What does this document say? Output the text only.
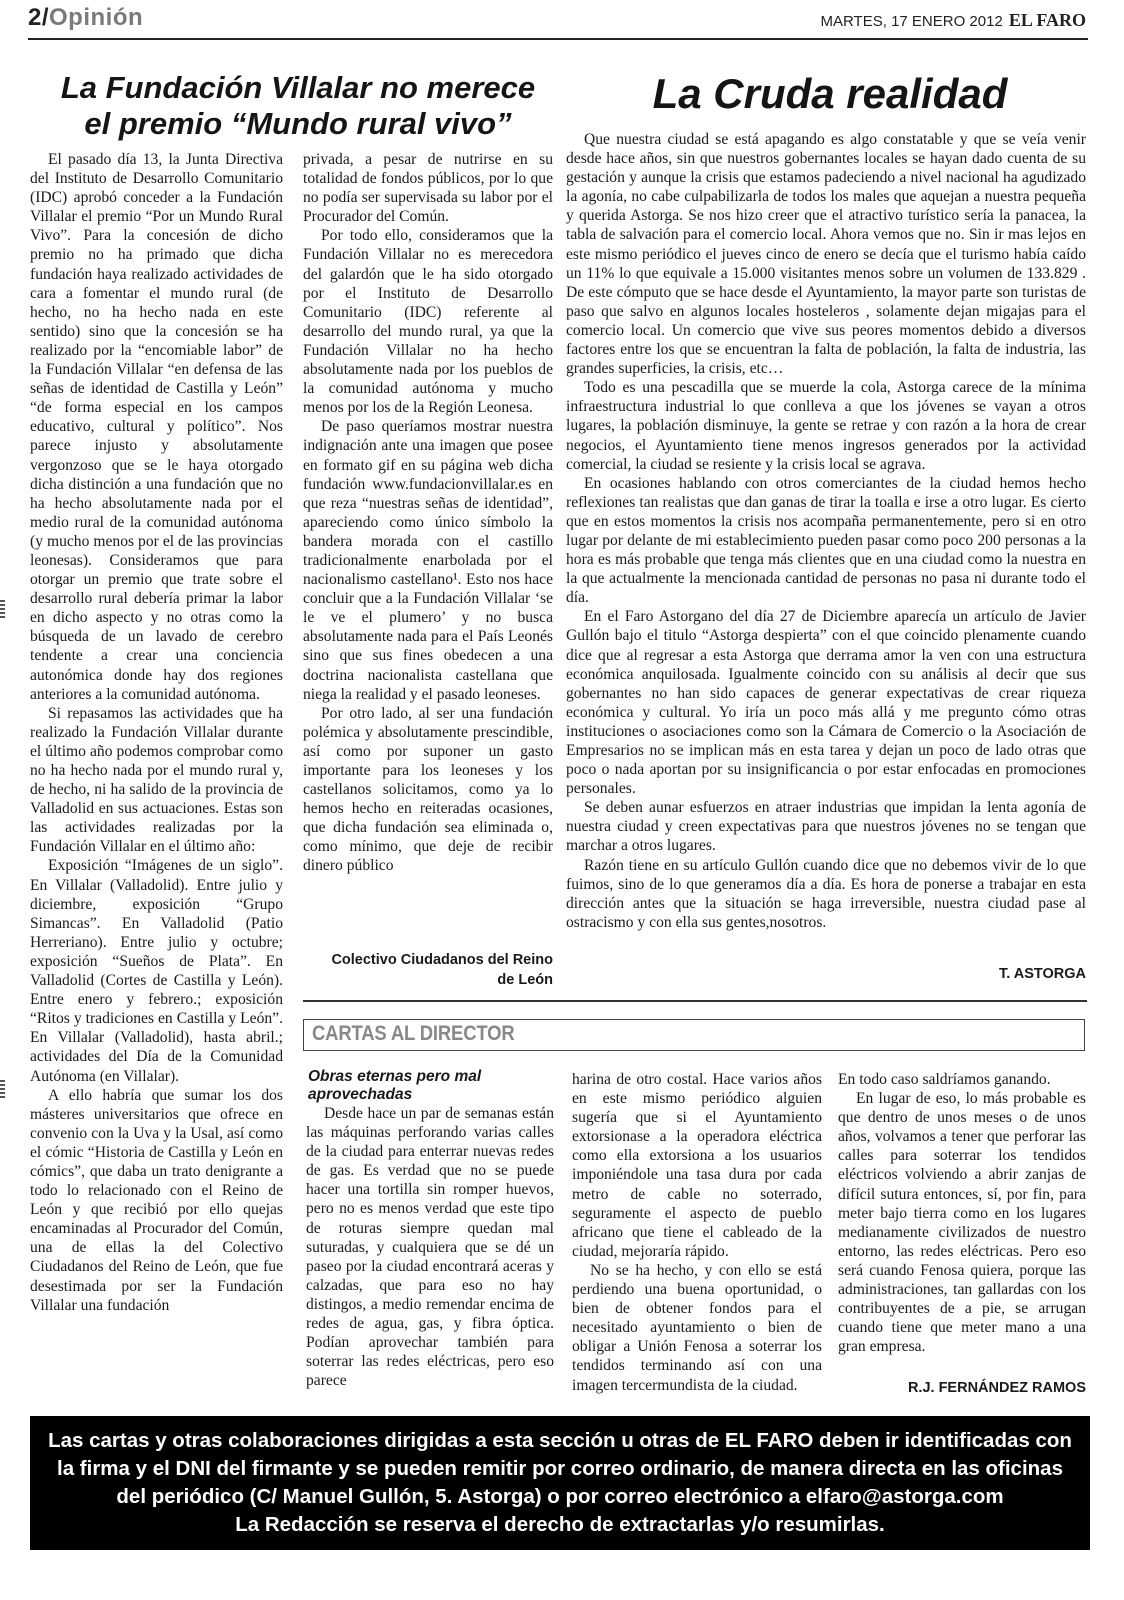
2/Opinión	MARTES, 17 ENERO 2012 EL FARO
La Fundación Villalar no merece
el premio “Mundo rural vivo”

El pasado día 13, la Junta Directiva del Instituto de Desarrollo Comunitario (IDC) aprobó conceder a la Fundación Villalar el premio “Por un Mundo Rural Vivo”. Para la concesión de dicho premio no ha primado que dicha fundación haya realizado actividades de cara a fomentar el mundo rural (de hecho, no ha hecho nada en este sentido) sino que la concesión se ha realizado por la “encomiable labor” de la Fundación Villalar “en defensa de las señas de identidad de Castilla y León” “de forma especial en los campos educativo, cultural y político”. Nos parece injusto y absolutamente vergonzoso que se le haya otorgado dicha distinción a una fundación que no ha hecho absolutamente nada por el medio rural de la comunidad autónoma (y mucho menos por el de las provincias leonesas). Consideramos que para otorgar un premio que trate sobre el desarrollo rural debería primar la labor en dicho aspecto y no otras como la búsqueda de un lavado de cerebro tendente a crear una conciencia autonómica donde hay dos regiones anteriores a la comunidad autónoma.

Si repasamos las actividades que ha realizado la Fundación Villalar durante el último año podemos comprobar como no ha hecho nada por el mundo rural y, de hecho, ni ha salido de la provincia de Valladolid en sus actuaciones. Estas son las actividades realizadas por la Fundación Villalar en el último año:

Exposición “Imágenes de un siglo”. En Villalar (Valladolid). Entre julio y diciembre, exposición “Grupo Simancas”. En Valladolid (Patio Herreriano). Entre julio y octubre; exposición “Sueños de Plata”. En Valladolid (Cortes de Castilla y León). Entre enero y febrero.; exposición “Ritos y tradiciones en Castilla y León”. En Villalar (Valladolid), hasta abril.; actividades del Día de la Comunidad Autónoma (en Villalar).

A ello habría que sumar los dos másteres universitarios que ofrece en convenio con la Uva y la Usal, así como el cómic “Historia de Castilla y León en cómics”, que daba un trato denigrante a todo lo relacionado con el Reino de León y que recibió por ello quejas encaminadas al Procurador del Común, una de ellas la del Colectivo Ciudadanos del Reino de León, que fue desestimada por ser la Fundación Villalar una fundación

privada, a pesar de nutrirse en su totalidad de fondos públicos, por lo que no podía ser supervisada su labor por el Procurador del Común.

Por todo ello, consideramos que la Fundación Villalar no es merecedora del galardón que le ha sido otorgado por el Instituto de Desarrollo Comunitario (IDC) referente al desarrollo del mundo rural, ya que la Fundación Villalar no ha hecho absolutamente nada por los pueblos de la comunidad autónoma y mucho menos por los de la Región Leonesa.

De paso queríamos mostrar nuestra indignación ante una imagen que posee en formato gif en su página web dicha fundación www.fundacionvillalar.es en que reza “nuestras señas de identidad”, apareciendo como único símbolo la bandera morada con el castillo tradicionalmente enarbolada por el nacionalismo castellano¹. Esto nos hace concluir que a la Fundación Villalar ‘se le ve el plumero’ y no busca absolutamente nada para el País Leonés sino que sus fines obedecen a una doctrina nacionalista castellana que niega la realidad y el pasado leoneses.

Por otro lado, al ser una fundación polémica y absolutamente prescindible, así como por suponer un gasto importante para los leoneses y los castellanos solicitamos, como ya lo hemos hecho en reiteradas ocasiones, que dicha fundación sea eliminada o, como mínimo, que deje de recibir dinero público

Colectivo Ciudadanos del Reino
de León
La Cruda realidad

Que nuestra ciudad se está apagando es algo constatable y que se veía venir desde hace años, sin que nuestros gobernantes locales se hayan dado cuenta de su gestación y aunque la crisis que estamos padeciendo a nivel nacional ha agudizado la agonía, no cabe culpabilizarla de todos los males que aquejan a nuestra pequeña y querida Astorga. Se nos hizo creer que el atractivo turístico sería la panacea, la tabla de salvación para el comercio local. Ahora vemos que no. Sin ir mas lejos en este mismo periódico el jueves cinco de enero se decía que el turismo había caído un 11% lo que equivale a 15.000 visitantes menos sobre un volumen de 133.829 . De este cómputo que se hace desde el Ayuntamiento, la mayor parte son turistas de paso que salvo en algunos locales hosteleros , solamente dejan migajas para el comercio local. Un comercio que vive sus peores momentos debido a diversos factores entre los que se encuentran la falta de población, la falta de industria, las grandes superficies, la crisis, etc…

Todo es una pescadilla que se muerde la cola, Astorga carece de la mínima infraestructura industrial lo que conlleva a que los jóvenes se vayan a otros lugares, la población disminuye, la gente se retrae y con razón a la hora de crear negocios, el Ayuntamiento tiene menos ingresos generados por la actividad comercial, la ciudad se resiente y la crisis local se agrava.

En ocasiones hablando con otros comerciantes de la ciudad hemos hecho reflexiones tan realistas que dan ganas de tirar la toalla e irse a otro lugar. Es cierto que en estos momentos la crisis nos acompaña permanentemente, pero si en otro lugar por delante de mi establecimiento pueden pasar como poco 200 personas a la hora es más probable que tenga más clientes que en una ciudad como la nuestra en la que actualmente la mencionada cantidad de personas no pasa ni durante todo el día.

En el Faro Astorgano del día 27 de Diciembre aparecía un artículo de Javier Gullón bajo el titulo “Astorga despierta” con el que coincido plenamente cuando dice que al regresar a esta Astorga que derrama amor la ven con una estructura económica anquilosada. Igualmente coincido con su análisis al decir que sus gobernantes no han sido capaces de generar expectativas de crear riqueza económica y cultural. Yo iría un poco más allá y me pregunto cómo otras instituciones o asociaciones como son la Cámara de Comercio o la Asociación de Empresarios no se implican más en esta tarea y dejan un poco de lado otras que poco o nada aportan por su insignificancia o por estar enfocadas en promociones personales.

Se deben aunar esfuerzos en atraer industrias que impidan la lenta agonía de nuestra ciudad y creen expectativas para que nuestros jóvenes no se tengan que marchar a otros lugares.

Razón tiene en su artículo Gullón cuando dice que no debemos vivir de lo que fuimos, sino de lo que generamos día a día. Es hora de ponerse a trabajar en esta dirección antes que la situación se haga irreversible, nuestra ciudad pase al ostracismo y con ella sus gentes,nosotros.

T. ASTORGA
CARTAS AL DIRECTOR
Obras eternas pero mal aprovechadas

Desde hace un par de semanas están las máquinas perforando varias calles de la ciudad para enterrar nuevas redes de gas. Es verdad que no se puede hacer una tortilla sin romper huevos, pero no es menos verdad que este tipo de roturas siempre quedan mal suturadas, y cualquiera que se dé un paseo por la ciudad encontrará aceras y calzadas, que para eso no hay distingos, a medio remendar encima de redes de agua, gas, y fibra óptica. Podían aprovechar también para soterrar las redes eléctricas, pero eso parece

harina de otro costal. Hace varios años en este mismo periódico alguien sugería que si el Ayuntamiento extorsionase a la operadora eléctrica como ella extorsiona a los usuarios imponiéndole una tasa dura por cada metro de cable no soterrado, seguramente el aspecto de pueblo africano que tiene el cableado de la ciudad, mejoraría rápido.

No se ha hecho, y con ello se está perdiendo una buena oportunidad, o bien de obtener fondos para el necesitado ayuntamiento o bien de obligar a Unión Fenosa a soterrar los tendidos terminando así con una imagen tercermundista de la ciudad.

En todo caso saldríamos ganando.

En lugar de eso, lo más probable es que dentro de unos meses o de unos años, volvamos a tener que perforar las calles para soterrar los tendidos eléctricos volviendo a abrir zanjas de difícil sutura entonces, sí, por fin, para meter bajo tierra como en los lugares medianamente civilizados de nuestro entorno, las redes eléctricas. Pero eso será cuando Fenosa quiera, porque las administraciones, tan gallardas con los contribuyentes de a pie, se arrugan cuando tiene que meter mano a una gran empresa.

R.J. FERNÁNDEZ RAMOS
Las cartas y otras colaboraciones dirigidas a esta sección u otras de EL FARO deben ir identificadas con
la firma y el DNI del firmante y se pueden remitir por correo ordinario, de manera directa en las oficinas
del periódico (C/ Manuel Gullón, 5. Astorga) o por correo electrónico a elfaro@astorga.com
La Redacción se reserva el derecho de extractarlas y/o resumirlas.
